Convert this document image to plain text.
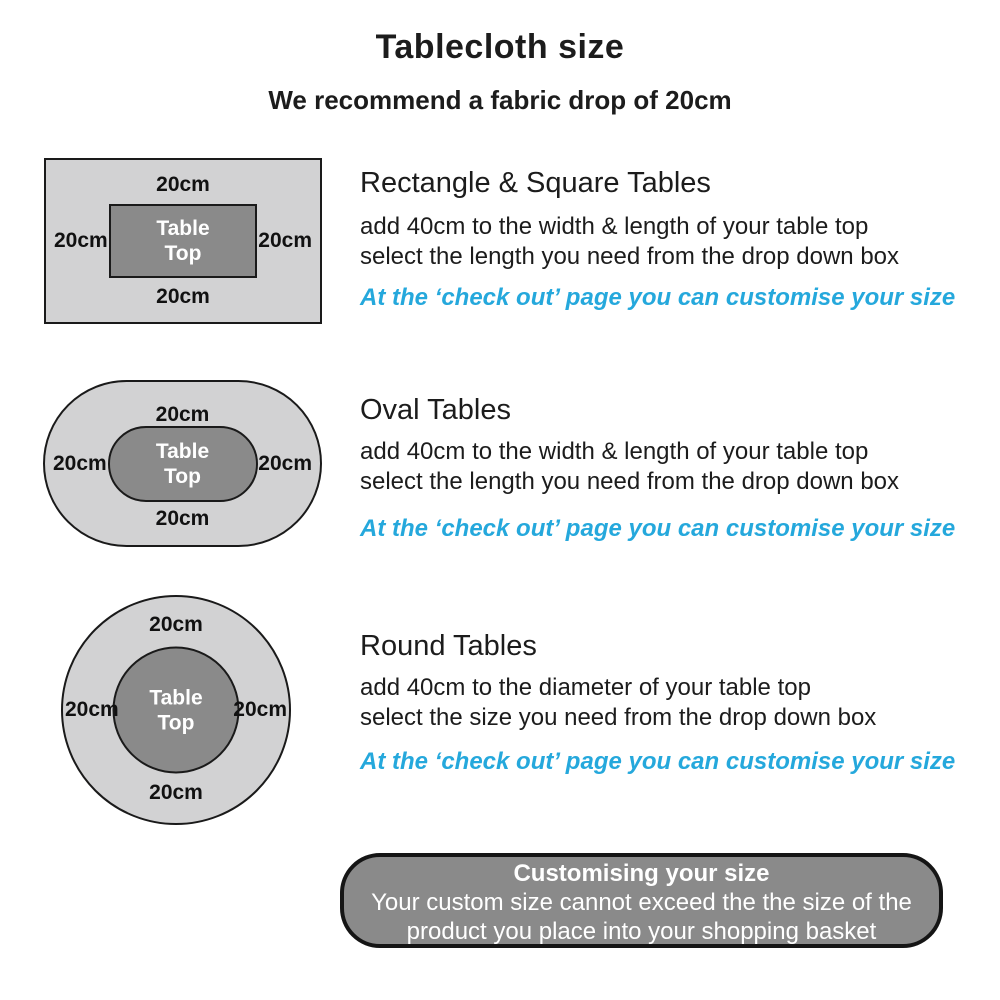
Tablecloth size
We recommend a fabric drop of 20cm
20cm
20cm	20cm
20cm
Table
Top
20cm
20cm	20cm
20cm
Table
Top
20cm
20cm	20cm
20cm
Table
Top
Rectangle & Square Tables
add 40cm to the width & length of your table top
select the length you need from the drop down box
At the ‘check out’ page you can customise your size
Oval Tables
add 40cm to the width & length of your table top
select the length you need from the drop down box
At the ‘check out’ page you can customise your size
Round Tables
add 40cm to the diameter of your table top
select the size you need from the drop down box
At the ‘check out’ page you can customise your size
Customising your size
Your custom size cannot exceed the the size of the
product you place into your shopping basket
